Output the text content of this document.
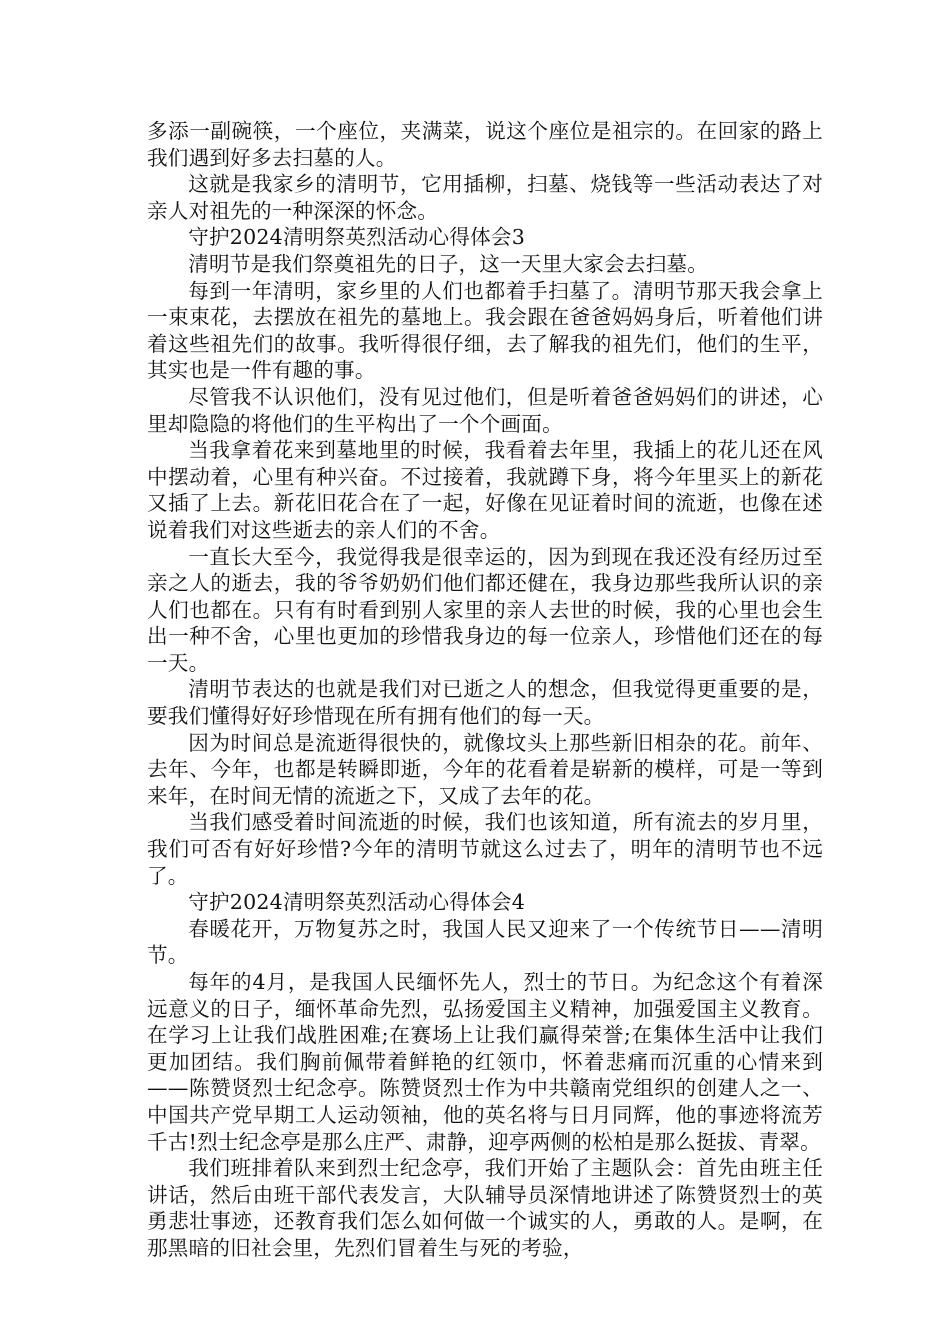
多添一副碗筷，一个座位，夹满菜，说这个座位是祖宗的。在回家的路上我们遇到好多去扫墓的人。

这就是我家乡的清明节，它用插柳，扫墓、烧钱等一些活动表达了对亲人对祖先的一种深深的怀念。

守护2024清明祭英烈活动心得体会3

清明节是我们祭奠祖先的日子，这一天里大家会去扫墓。

每到一年清明，家乡里的人们也都着手扫墓了。清明节那天我会拿上一束束花，去摆放在祖先的墓地上。我会跟在爸爸妈妈身后，听着他们讲着这些祖先们的故事。我听得很仔细，去了解我的祖先们，他们的生平，其实也是一件有趣的事。

尽管我不认识他们，没有见过他们，但是听着爸爸妈妈们的讲述，心里却隐隐的将他们的生平构出了一个个画面。

当我拿着花来到墓地里的时候，我看着去年里，我插上的花儿还在风中摆动着，心里有种兴奋。不过接着，我就蹲下身，将今年里买上的新花又插了上去。新花旧花合在了一起，好像在见证着时间的流逝，也像在述说着我们对这些逝去的亲人们的不舍。

一直长大至今，我觉得我是很幸运的，因为到现在我还没有经历过至亲之人的逝去，我的爷爷奶奶们他们都还健在，我身边那些我所认识的亲人们也都在。只有有时看到别人家里的亲人去世的时候，我的心里也会生出一种不舍，心里也更加的珍惜我身边的每一位亲人，珍惜他们还在的每一天。

清明节表达的也就是我们对已逝之人的想念，但我觉得更重要的是，要我们懂得好好珍惜现在所有拥有他们的每一天。

因为时间总是流逝得很快的，就像坟头上那些新旧相杂的花。前年、去年、今年，也都是转瞬即逝，今年的花看着是崭新的模样，可是一等到来年，在时间无情的流逝之下，又成了去年的花。

当我们感受着时间流逝的时候，我们也该知道，所有流去的岁月里，我们可否有好好珍惜?今年的清明节就这么过去了，明年的清明节也不远了。

守护2024清明祭英烈活动心得体会4

春暖花开，万物复苏之时，我国人民又迎来了一个传统节日——清明节。

每年的4月，是我国人民缅怀先人，烈士的节日。为纪念这个有着深远意义的日子，缅怀革命先烈，弘扬爱国主义精神，加强爱国主义教育。在学习上让我们战胜困难;在赛场上让我们赢得荣誉;在集体生活中让我们更加团结。我们胸前佩带着鲜艳的红领巾，怀着悲痛而沉重的心情来到——陈赞贤烈士纪念亭。陈赞贤烈士作为中共赣南党组织的创建人之一、中国共产党早期工人运动领袖，他的英名将与日月同辉，他的事迹将流芳千古!烈士纪念亭是那么庄严、肃静，迎亭两侧的松柏是那么挺拔、青翠。

我们班排着队来到烈士纪念亭，我们开始了主题队会：首先由班主任讲话，然后由班干部代表发言，大队辅导员深情地讲述了陈赞贤烈士的英勇悲壮事迹，还教育我们怎么如何做一个诚实的人，勇敢的人。是啊，在那黑暗的旧社会里，先烈们冒着生与死的考验，
